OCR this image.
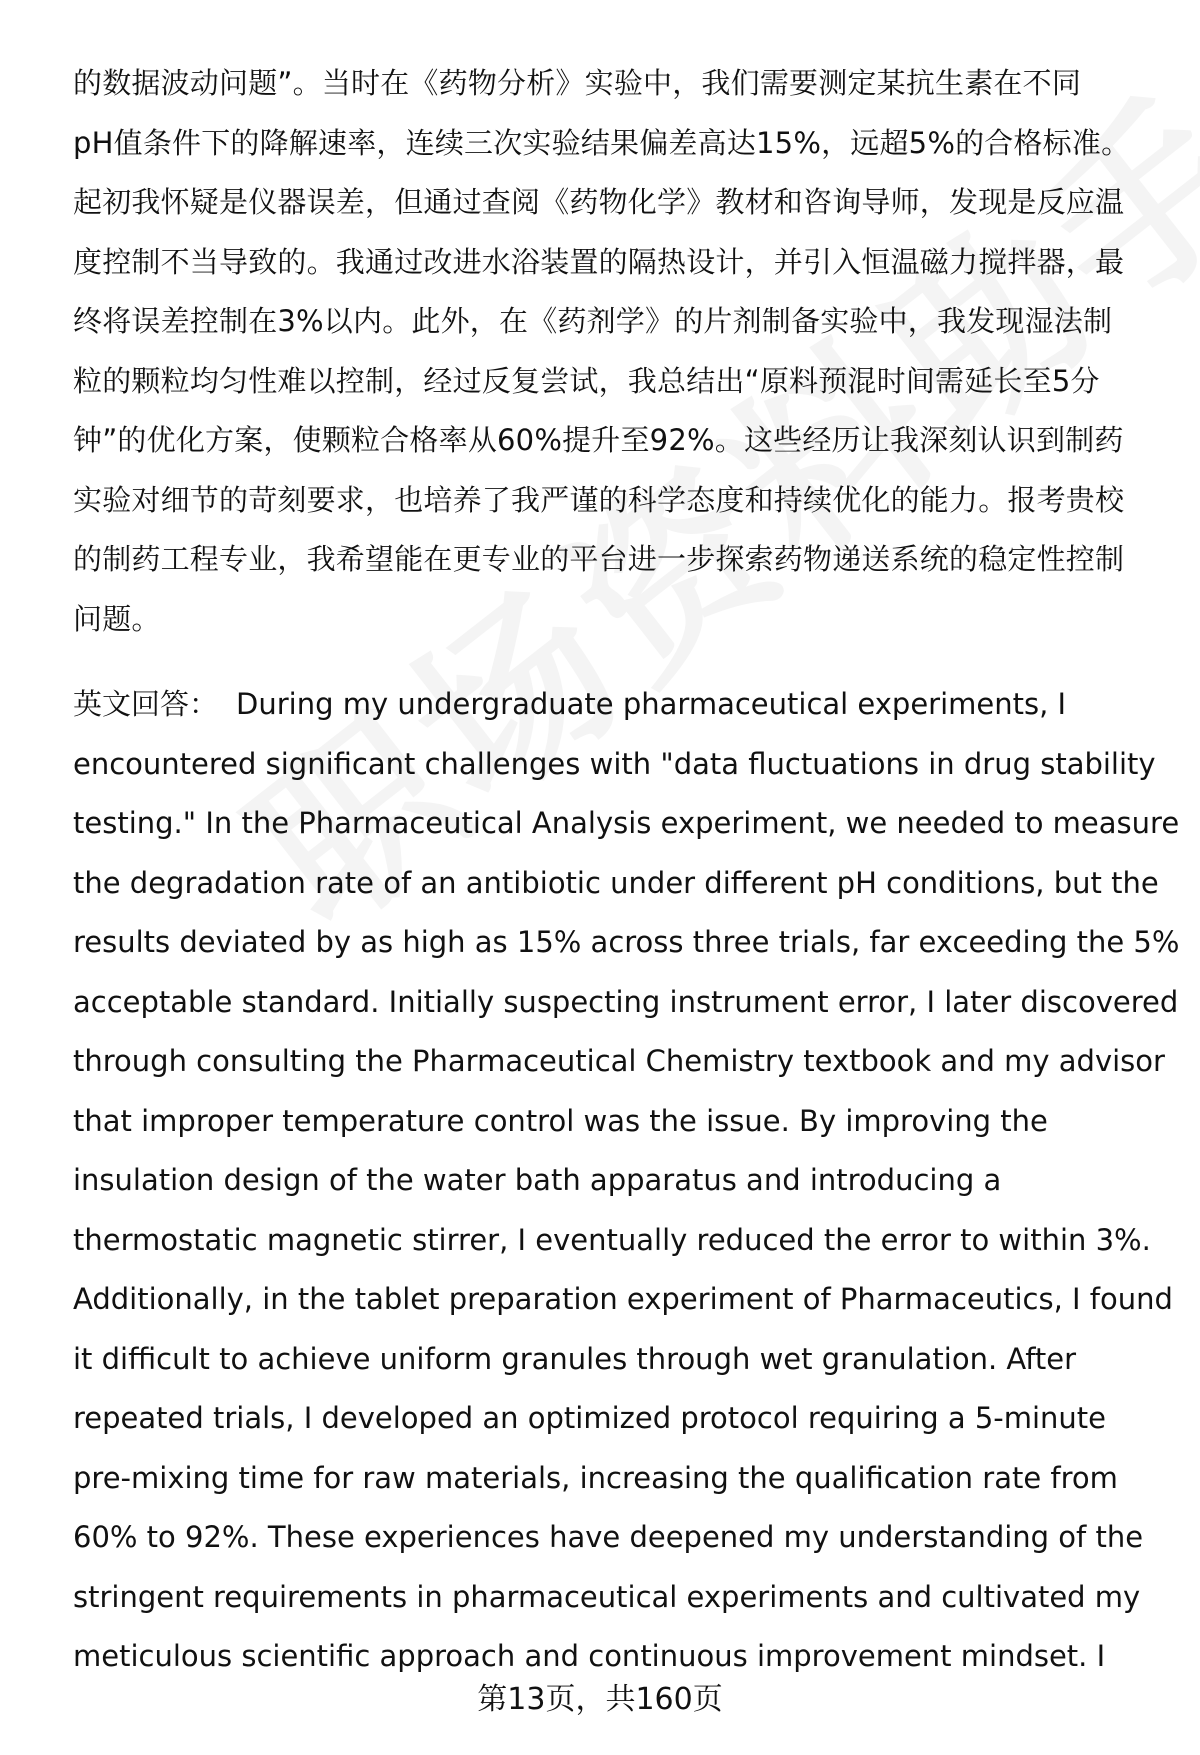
的数据波动问题”。当时在《药物分析》实验中，我们需要测定某抗生素在不同
pH值条件下的降解速率，连续三次实验结果偏差高达15%，远超5%的合格标准。
起初我怀疑是仪器误差，但通过查阅《药物化学》教材和咨询导师，发现是反应温
度控制不当导致的。我通过改进水浴装置的隔热设计，并引入恒温磁力搅拌器，最
终将误差控制在3%以内。此外，在《药剂学》的片剂制备实验中，我发现湿法制
粒的颗粒均匀性难以控制，经过反复尝试，我总结出“原料预混时间需延长至5分
钟”的优化方案，使颗粒合格率从60%提升至92%。这些经历让我深刻认识到制药
实验对细节的苛刻要求，也培养了我严谨的科学态度和持续优化的能力。报考贵校
的制药工程专业，我希望能在更专业的平台进一步探索药物递送系统的稳定性控制
问题。

英文回答： During my undergraduate pharmaceutical experiments, I
encountered significant challenges with "data fluctuations in drug stability
testing." In the Pharmaceutical Analysis experiment, we needed to measure
the degradation rate of an antibiotic under different pH conditions, but the
results deviated by as high as 15% across three trials, far exceeding the 5%
acceptable standard. Initially suspecting instrument error, I later discovered
through consulting the Pharmaceutical Chemistry textbook and my advisor
that improper temperature control was the issue. By improving the
insulation design of the water bath apparatus and introducing a
thermostatic magnetic stirrer, I eventually reduced the error to within 3%.
Additionally, in the tablet preparation experiment of Pharmaceutics, I found
it difficult to achieve uniform granules through wet granulation. After
repeated trials, I developed an optimized protocol requiring a 5-minute
pre-mixing time for raw materials, increasing the qualification rate from
60% to 92%. These experiences have deepened my understanding of the
stringent requirements in pharmaceutical experiments and cultivated my
meticulous scientific approach and continuous improvement mindset. I

第13页，共160页
